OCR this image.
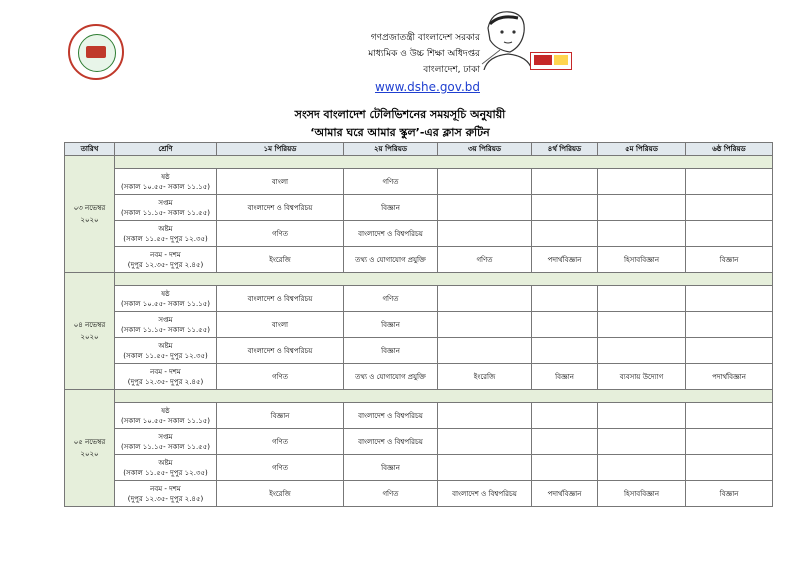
গণপ্রজাতন্ত্রী বাংলাদেশ সরকার
মাধ্যমিক ও উচ্চ শিক্ষা অধিদপ্তর
বাংলাদেশ, ঢাকা
www.dshe.gov.bd
সংসদ বাংলাদেশ টেলিভিশনের সময়সূচি অনুযায়ী
‘আমার ঘরে আমার স্কুল’-এর ক্লাস রুটিন
তারিখ	শ্রেণি	১ম পিরিয়ড	২য় পিরিয়ড	৩য় পিরিয়ড	৪র্থ পিরিয়ড	৫ম পিরিয়ড	৬ষ্ঠ পিরিয়ড
০৩ নভেম্বর
২০২০							
	ষষ্ঠ
(সকাল ১০.৫৫- সকাল ১১.১৫)	বাংলা	গণিত				
	সপ্তম
(সকাল ১১.১৫- সকাল ১১.৫৫)	বাংলাদেশ ও বিশ্বপরিচয়	বিজ্ঞান				
	অষ্টম
(সকাল ১১.৫৫- দুপুর ১২.৩৫)	গণিত	বাংলাদেশ ও বিশ্বপরিচয়				
	নবম - দশম
(দুপুর ১২.৩৫- দুপুর ২.৪৫)	ইংরেজি	তথ্য ও যোগাযোগ প্রযুক্তি	গণিত	পদার্থবিজ্ঞান	হিসাববিজ্ঞান	বিজ্ঞান
০৪ নভেম্বর
২০২০							
	ষষ্ঠ
(সকাল ১০.৫৫- সকাল ১১.১৫)	বাংলাদেশ ও বিশ্বপরিচয়	গণিত				
	সপ্তম
(সকাল ১১.১৫- সকাল ১১.৫৫)	বাংলা	বিজ্ঞান				
	অষ্টম
(সকাল ১১.৫৫- দুপুর ১২.৩৫)	বাংলাদেশ ও বিশ্বপরিচয়	বিজ্ঞান				
	নবম - দশম
(দুপুর ১২.৩৫- দুপুর ২.৪৫)	গণিত	তথ্য ও যোগাযোগ প্রযুক্তি	ইংরেজি	বিজ্ঞান	ব্যবসায় উদ্যোগ	পদার্থবিজ্ঞান
০৫ নভেম্বর
২০২০							
	ষষ্ঠ
(সকাল ১০.৫৫- সকাল ১১.১৫)	বিজ্ঞান	বাংলাদেশ ও বিশ্বপরিচয়				
	সপ্তম
(সকাল ১১.১৫- সকাল ১১.৫৫)	গণিত	বাংলাদেশ ও বিশ্বপরিচয়				
	অষ্টম
(সকাল ১১.৫৫- দুপুর ১২.৩৫)	গণিত	বিজ্ঞান				
	নবম - দশম
(দুপুর ১২.৩৫- দুপুর ২.৪৫)	ইংরেজি	গণিত	বাংলাদেশ ও বিশ্বপরিচয়	পদার্থবিজ্ঞান	হিসাববিজ্ঞান	বিজ্ঞান
